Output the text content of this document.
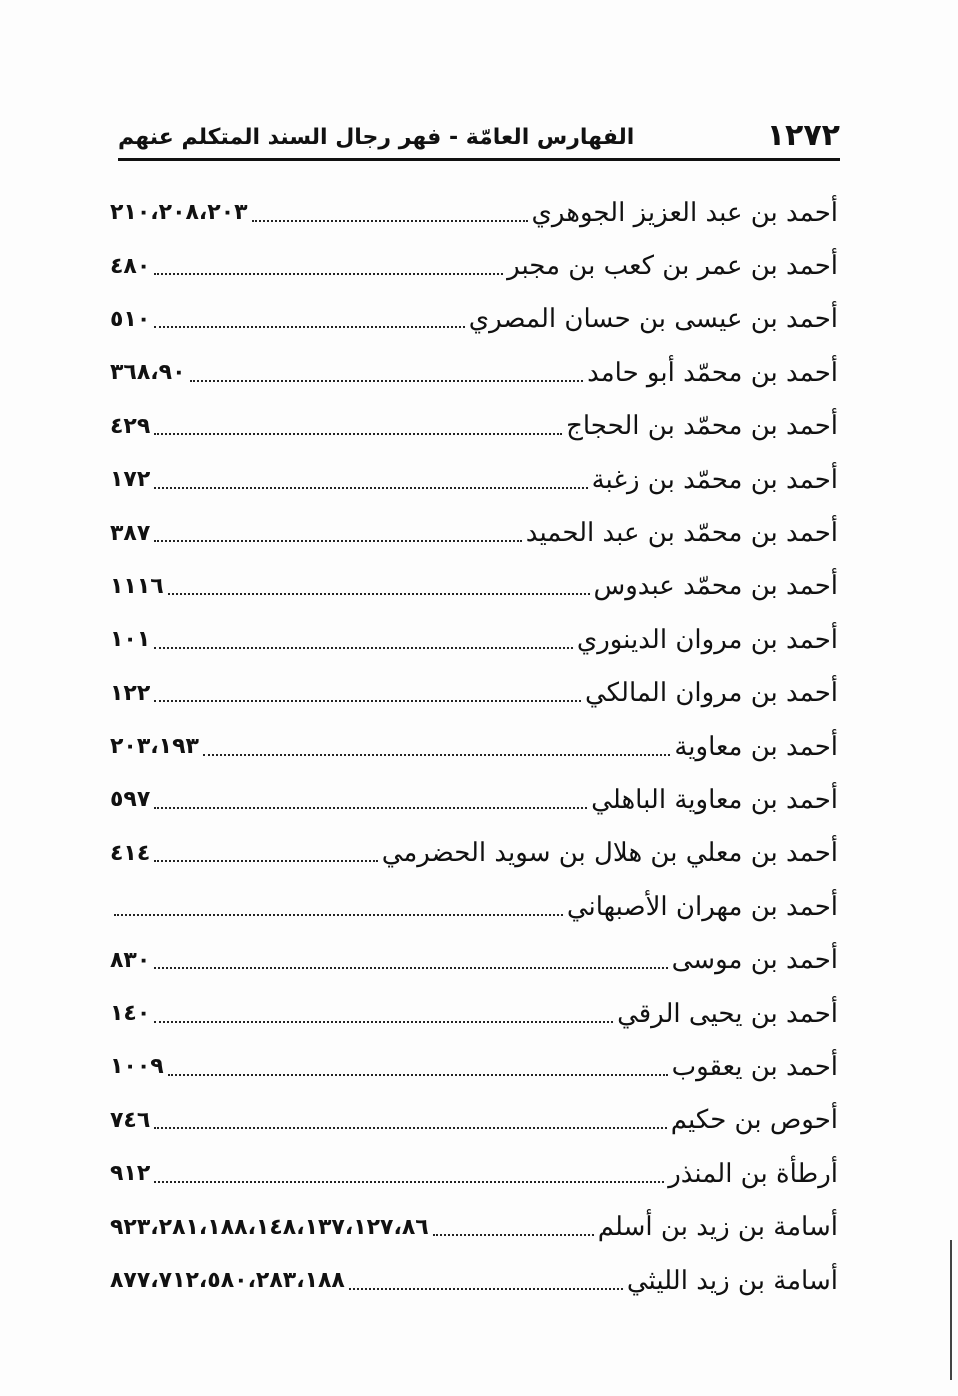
١٢٧٢
الفهارس العامّة - فهر رجال السند المتكلم عنهم
أحمد بن عبد العزيز الجوهري
٢١٠،٢٠٨،٢٠٣
أحمد بن عمر بن كعب بن مجبر
٤٨٠
أحمد بن عيسى بن حسان المصري
٥١٠
أحمد بن محمّد أبو حامد
٣٦٨،٩٠
أحمد بن محمّد بن الحجاج
٤٢٩
أحمد بن محمّد بن زغبة
١٧٢
أحمد بن محمّد بن عبد الحميد
٣٨٧
أحمد بن محمّد عبدوس
١١١٦
أحمد بن مروان الدينوري
١٠١
أحمد بن مروان المالكي
١٢٢
أحمد بن معاوية
٢٠٣،١٩٣
أحمد بن معاوية الباهلي
٥٩٧
أحمد بن معلي بن هلال بن سويد الحضرمي
٤١٤
أحمد بن مهران الأصبهاني
أحمد بن موسى
٨٣٠
أحمد بن يحيى الرقي
١٤٠
أحمد بن يعقوب
١٠٠٩
أحوص بن حكيم
٧٤٦
أرطأة بن المنذر
٩١٢
أسامة بن زيد بن أسلم
٩٢٣،٢٨١،١٨٨،١٤٨،١٣٧،١٢٧،٨٦
أسامة بن زيد الليثي
٨٧٧،٧١٢،٥٨٠،٢٨٣،١٨٨
